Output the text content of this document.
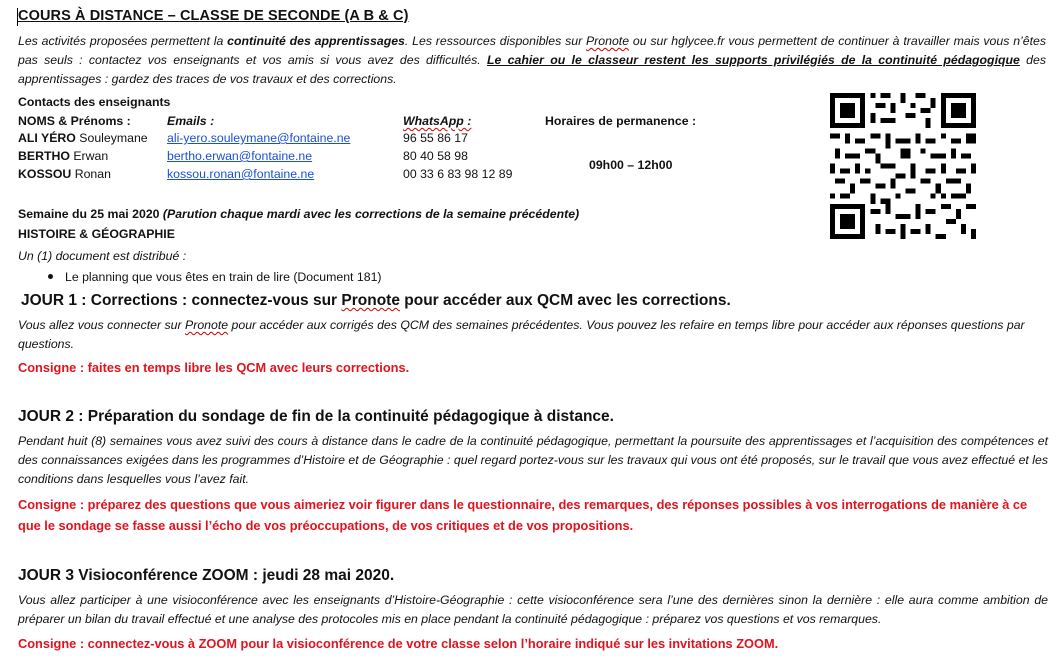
COURS À DISTANCE – CLASSE DE SECONDE (A B & C)
Les activités proposées permettent la continuité des apprentissages. Les ressources disponibles sur Pronote ou sur hglycee.fr vous permettent de continuer à travailler mais vous n’êtes pas seuls : contactez vos enseignants et vos amis si vous avez des difficultés. Le cahier ou le classeur restent les supports privilégiés de la continuité pédagogique des apprentissages : gardez des traces de vos travaux et des corrections.
Contacts des enseignants
NOMS & Prénoms :	Emails :	WhatsApp :	Horaires de permanence :
ALI YÉRO Souleymane ali-yero.souleymane@fontaine.ne	96 55 86 17
BERTHO Erwan	bertho.erwan@fontaine.ne	80 40 58 98
KOSSOU Ronan	kossou.ronan@fontaine.ne	00 33 6 83 98 12 89
09h00 – 12h00
Semaine du 25 mai 2020 (Parution chaque mardi avec les corrections de la semaine précédente)
HISTOIRE & GÉOGRAPHIE
Un (1) document est distribué :
Le planning que vous êtes en train de lire (Document 181)
JOUR 1 : Corrections : connectez-vous sur Pronote pour accéder aux QCM avec les corrections.
Vous allez vous connecter sur Pronote pour accéder aux corrigés des QCM des semaines précédentes. Vous pouvez les refaire en temps libre pour accéder aux réponses questions par questions.
Consigne : faites en temps libre les QCM avec leurs corrections.
JOUR 2 : Préparation du sondage de fin de la continuité pédagogique à distance.
Pendant huit (8) semaines vous avez suivi des cours à distance dans le cadre de la continuité pédagogique, permettant la poursuite des apprentissages et l’acquisition des compétences et des connaissances exigées dans les programmes d’Histoire et de Géographie : quel regard portez-vous sur les travaux qui vous ont été proposés, sur le travail que vous avez effectué et les conditions dans lesquelles vous l’avez fait.
Consigne : préparez des questions que vous aimeriez voir figurer dans le questionnaire, des remarques, des réponses possibles à vos interrogations de manière à ce que le sondage se fasse aussi l’écho de vos préoccupations, de vos critiques et de vos propositions.
JOUR 3 Visioconférence ZOOM : jeudi 28 mai 2020.
Vous allez participer à une visioconférence avec les enseignants d’Histoire-Géographie : cette visioconférence sera l’une des dernières sinon la dernière : elle aura comme ambition de préparer un bilan du travail effectué et une analyse des protocoles mis en place pendant la continuité pédagogique : préparez vos questions et vos remarques.
Consigne : connectez-vous à ZOOM pour la visioconférence de votre classe selon l’horaire indiqué sur les invitations ZOOM.
